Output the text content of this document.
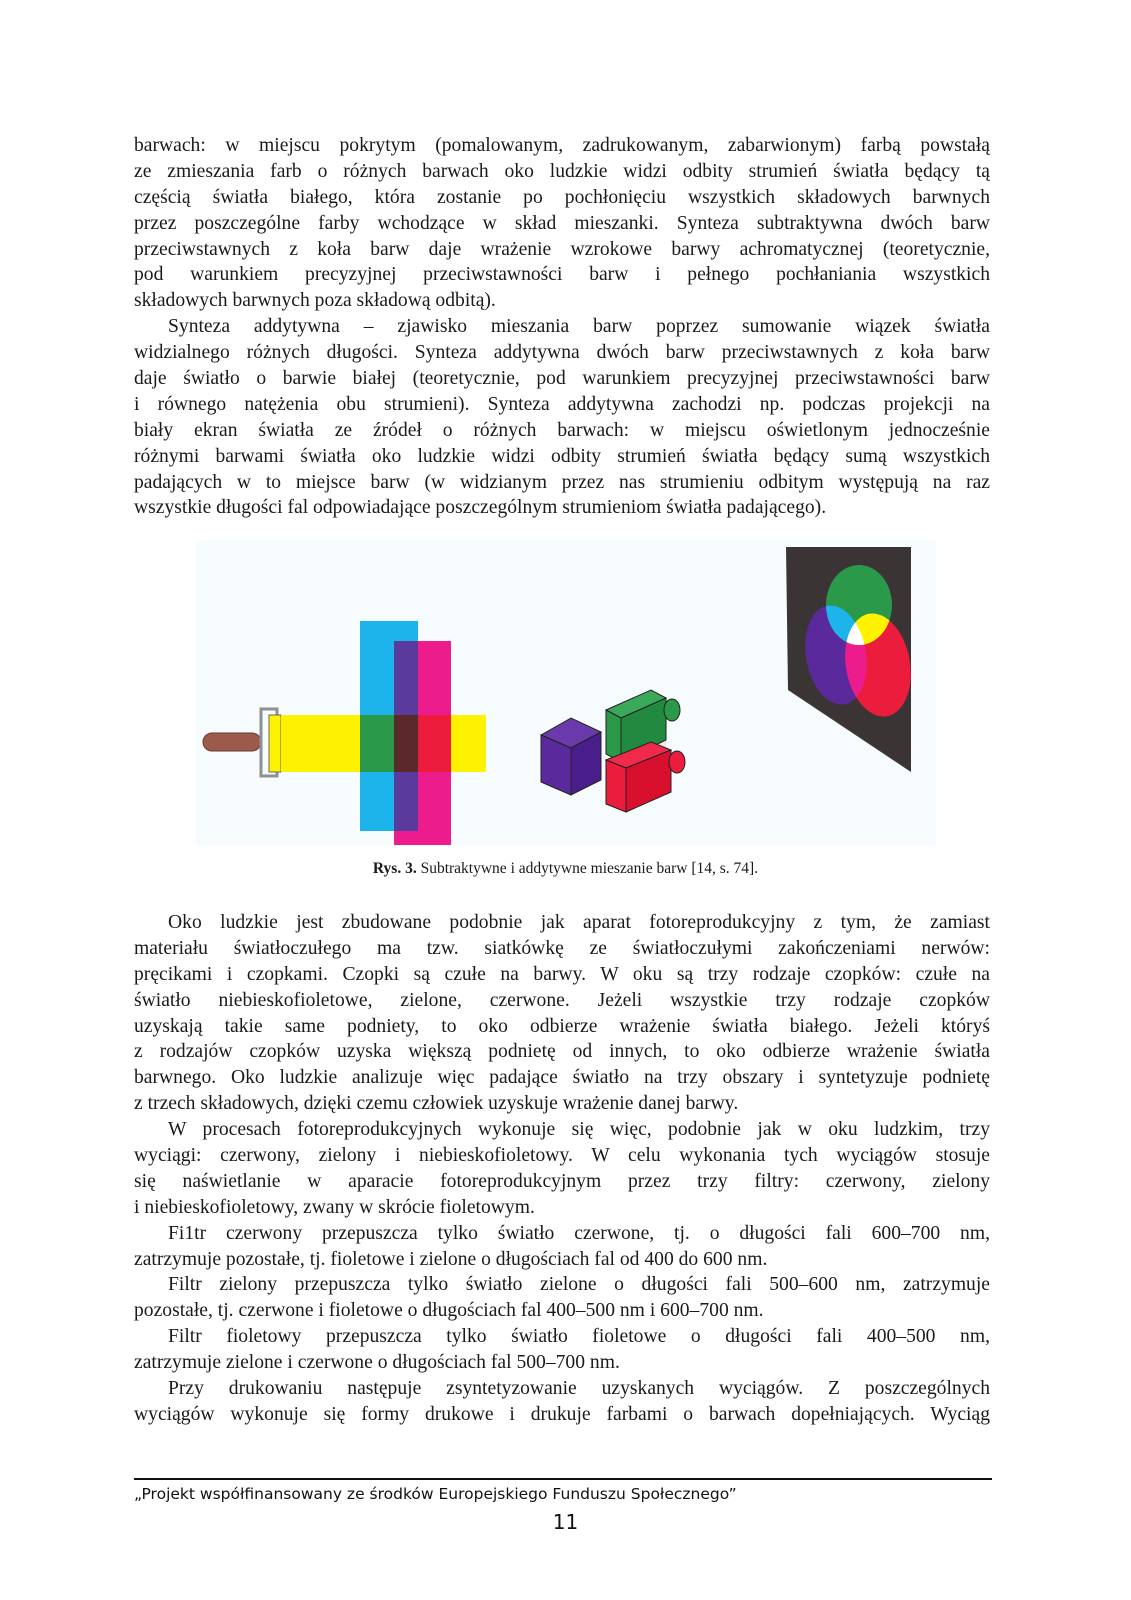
barwach: w miejscu pokrytym (pomalowanym, zadrukowanym, zabarwionym) farbą powstałą
ze zmieszania farb o różnych barwach oko ludzkie widzi odbity strumień światła będący tą
częścią światła białego, która zostanie po pochłonięciu wszystkich składowych barwnych
przez poszczególne farby wchodzące w skład mieszanki. Synteza subtraktywna dwóch barw
przeciwstawnych z koła barw daje wrażenie wzrokowe barwy achromatycznej (teoretycznie,
pod warunkiem precyzyjnej przeciwstawności barw i pełnego pochłaniania wszystkich
składowych barwnych poza składową odbitą).
Synteza addytywna – zjawisko mieszania barw poprzez sumowanie wiązek światła
widzialnego różnych długości. Synteza addytywna dwóch barw przeciwstawnych z koła barw
daje światło o barwie białej (teoretycznie, pod warunkiem precyzyjnej przeciwstawności barw
i równego natężenia obu strumieni). Synteza addytywna zachodzi np. podczas projekcji na
biały ekran światła ze źródeł o różnych barwach: w miejscu oświetlonym jednocześnie
różnymi barwami światła oko ludzkie widzi odbity strumień światła będący sumą wszystkich
padających w to miejsce barw (w widzianym przez nas strumieniu odbitym występują na raz
wszystkie długości fal odpowiadające poszczególnym strumieniom światła padającego).
Rys. 3. Subtraktywne i addytywne mieszanie barw [14, s. 74].
Oko ludzkie jest zbudowane podobnie jak aparat fotoreprodukcyjny z tym, że zamiast
materiału światłoczułego ma tzw. siatkówkę ze światłoczułymi zakończeniami nerwów:
pręcikami i czopkami. Czopki są czułe na barwy. W oku są trzy rodzaje czopków: czułe na
światło niebieskofioletowe, zielone, czerwone. Jeżeli wszystkie trzy rodzaje czopków
uzyskają takie same podniety, to oko odbierze wrażenie światła białego. Jeżeli któryś
z rodzajów czopków uzyska większą podnietę od innych, to oko odbierze wrażenie światła
barwnego. Oko ludzkie analizuje więc padające światło na trzy obszary i syntetyzuje podnietę
z trzech składowych, dzięki czemu człowiek uzyskuje wrażenie danej barwy.
W procesach fotoreprodukcyjnych wykonuje się więc, podobnie jak w oku ludzkim, trzy
wyciągi: czerwony, zielony i niebieskofioletowy. W celu wykonania tych wyciągów stosuje
się naświetlanie w aparacie fotoreprodukcyjnym przez trzy filtry: czerwony, zielony
i niebieskofioletowy, zwany w skrócie fioletowym.
Fi1tr czerwony przepuszcza tylko światło czerwone, tj. o długości fali 600–700 nm,
zatrzymuje pozostałe, tj. fioletowe i zielone o długościach fal od 400 do 600 nm.
Filtr zielony przepuszcza tylko światło zielone o długości fali 500–600 nm, zatrzymuje
pozostałe, tj. czerwone i fioletowe o długościach fal 400–500 nm i 600–700 nm.
Filtr fioletowy przepuszcza tylko światło fioletowe o długości fali 400–500 nm,
zatrzymuje zielone i czerwone o długościach fal 500–700 nm.
Przy drukowaniu następuje zsyntetyzowanie uzyskanych wyciągów. Z poszczególnych
wyciągów wykonuje się formy drukowe i drukuje farbami o barwach dopełniających. Wyciąg
„Projekt współfinansowany ze środków Europejskiego Funduszu Społecznego”
11
